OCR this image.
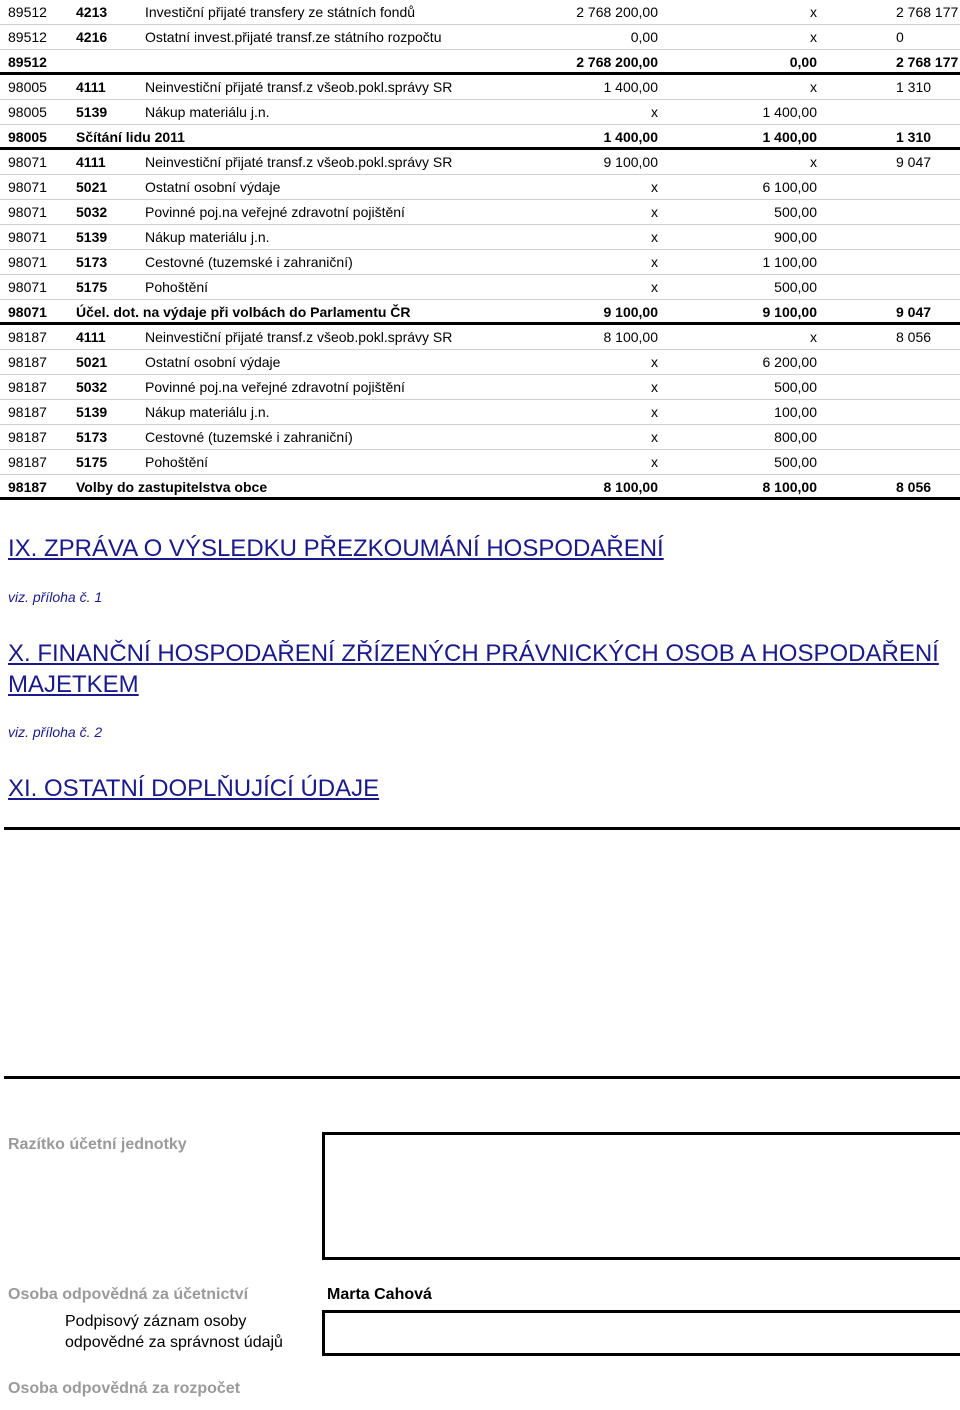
89512 4213	Investiční přijaté transfery ze státních fondů	2 768 200,00	x	2 768 177
89512 4216	Ostatní invest.přijaté transf.ze státního rozpočtu	0,00	x	0
89512	2 768 200,00	0,00	2 768 177
98005 4111	Neinvestiční přijaté transf.z všeob.pokl.správy SR	1 400,00	x	1 310
98005 5139	Nákup materiálu j.n.	x	1 400,00
98005 Sčítání lidu 2011	1 400,00	1 400,00	1 310
98071 4111	Neinvestiční přijaté transf.z všeob.pokl.správy SR	9 100,00	x	9 047
98071 5021	Ostatní osobní výdaje	x	6 100,00
98071 5032	Povinné poj.na veřejné zdravotní pojištění	x	500,00
98071 5139	Nákup materiálu j.n.	x	900,00
98071 5173	Cestovné (tuzemské i zahraniční)	x	1 100,00
98071 5175	Pohoštění	x	500,00
98071 Účel. dot. na výdaje při volbách do Parlamentu ČR	9 100,00	9 100,00	9 047
98187 4111	Neinvestiční přijaté transf.z všeob.pokl.správy SR	8 100,00	x	8 056
98187 5021	Ostatní osobní výdaje	x	6 200,00
98187 5032	Povinné poj.na veřejné zdravotní pojištění	x	500,00
98187 5139	Nákup materiálu j.n.	x	100,00
98187 5173	Cestovné (tuzemské i zahraniční)	x	800,00
98187 5175	Pohoštění	x	500,00
98187 Volby do zastupitelstva obce	8 100,00	8 100,00	8 056
IX. ZPRÁVA O VÝSLEDKU PŘEZKOUMÁNÍ HOSPODAŘENÍ
viz. příloha č. 1
X. FINANČNÍ HOSPODAŘENÍ ZŘÍZENÝCH PRÁVNICKÝCH OSOB A HOSPODAŘENÍ
MAJETKEM
viz. příloha č. 2
XI. OSTATNÍ DOPLŇUJÍCÍ ÚDAJE
Razítko účetní jednotky
Osoba odpovědná za účetnictví	Marta Cahová
Podpisový záznam osoby
odpovědné za správnost údajů
Osoba odpovědná za rozpočet
